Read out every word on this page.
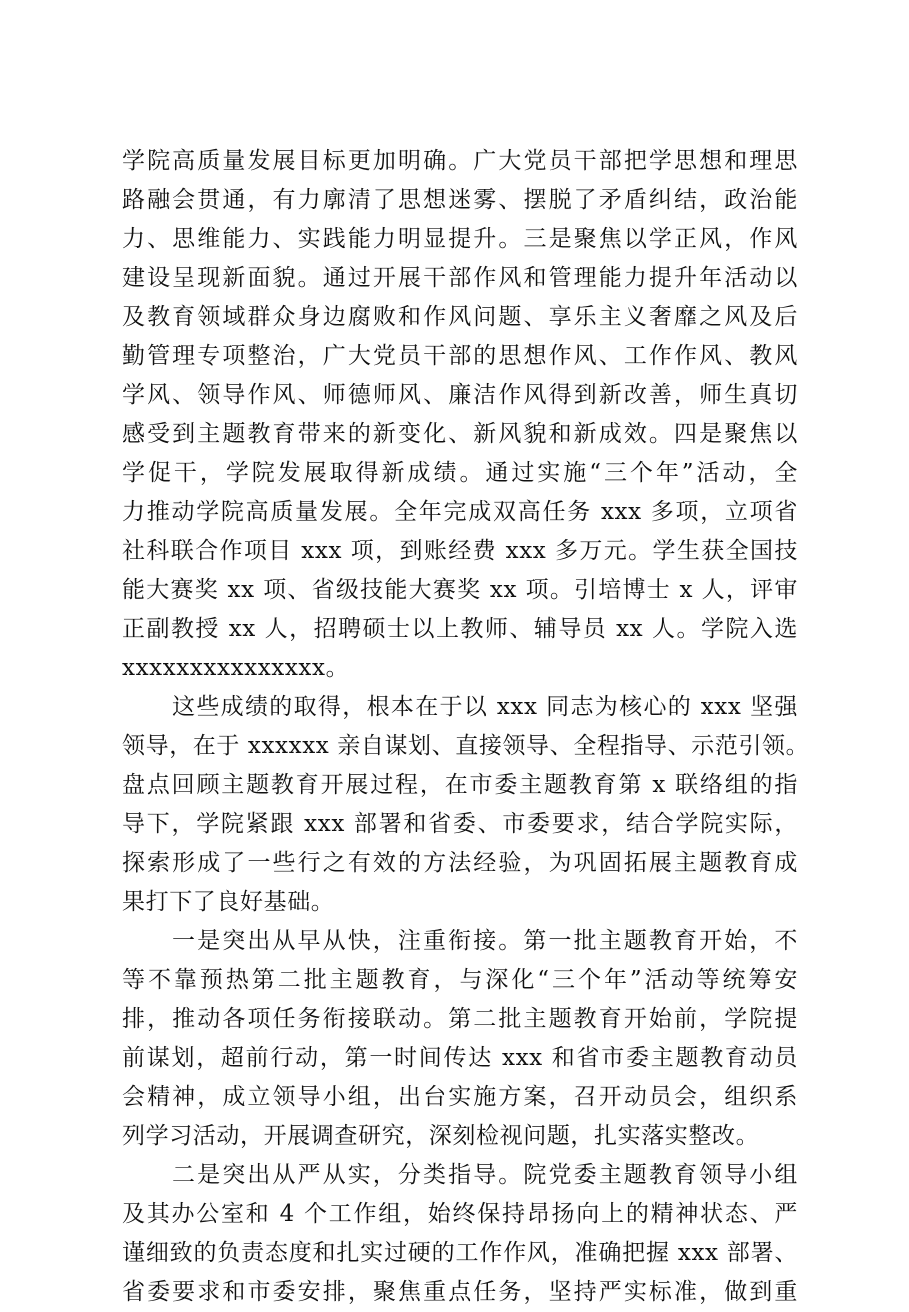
学院高质量发展目标更加明确。广大党员干部把学思想和理思
路融会贯通，有力廓清了思想迷雾、摆脱了矛盾纠结，政治能
力、思维能力、实践能力明显提升。三是聚焦以学正风，作风
建设呈现新面貌。通过开展干部作风和管理能力提升年活动以
及教育领域群众身边腐败和作风问题、享乐主义奢靡之风及后
勤管理专项整治，广大党员干部的思想作风、工作作风、教风
学风、领导作风、师德师风、廉洁作风得到新改善，师生真切
感受到主题教育带来的新变化、新风貌和新成效。四是聚焦以
学促干，学院发展取得新成绩。通过实施“三个年”活动，全
力推动学院高质量发展。全年完成双高任务 xxx 多项，立项省
社科联合作项目 xxx 项，到账经费 xxx 多万元。学生获全国技
能大赛奖 xx 项、省级技能大赛奖 xx 项。引培博士 x 人，评审
正副教授 xx 人，招聘硕士以上教师、辅导员 xx 人。学院入选
xxxxxxxxxxxxxxx。
这些成绩的取得，根本在于以 xxx 同志为核心的 xxx 坚强
领导，在于 xxxxxx 亲自谋划、直接领导、全程指导、示范引领。
盘点回顾主题教育开展过程，在市委主题教育第 x 联络组的指
导下，学院紧跟 xxx 部署和省委、市委要求，结合学院实际，
探索形成了一些行之有效的方法经验，为巩固拓展主题教育成
果打下了良好基础。
一是突出从早从快，注重衔接。第一批主题教育开始，不
等不靠预热第二批主题教育，与深化“三个年”活动等统筹安
排，推动各项任务衔接联动。第二批主题教育开始前，学院提
前谋划，超前行动，第一时间传达 xxx 和省市委主题教育动员
会精神，成立领导小组，出台实施方案，召开动员会，组织系
列学习活动，开展调查研究，深刻检视问题，扎实落实整改。
二是突出从严从实，分类指导。院党委主题教育领导小组
及其办公室和 4 个工作组，始终保持昂扬向上的精神状态、严
谨细致的负责态度和扎实过硬的工作作风，准确把握 xxx 部署、
省委要求和市委安排，聚焦重点任务，坚持严实标准，做到重
